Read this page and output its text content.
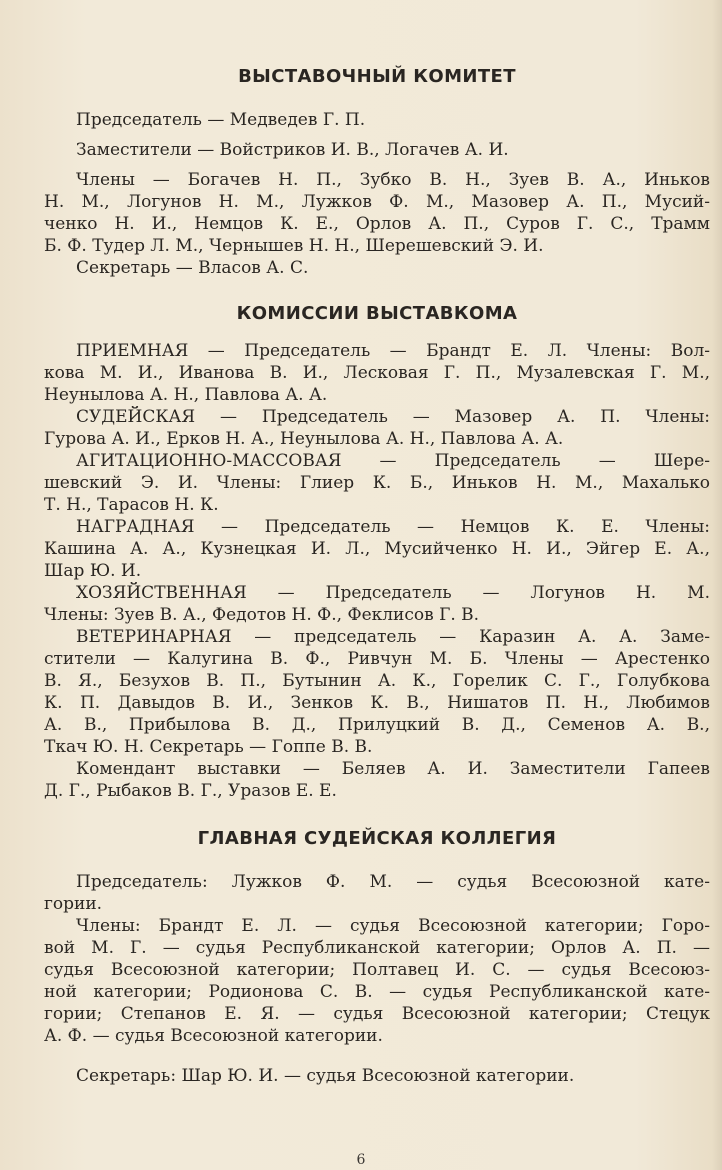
ВЫСТАВОЧНЫЙ КОМИТЕТ

Председатель — Медведев Г. П.

Заместители — Войстриков И. В., Логачев А. И.

Члены — Богачев Н. П., Зубко В. Н., Зуев В. А., Иньков

Н. М., Логунов Н. М., Лужков Ф. М., Мазовер А. П., Мусий-

ченко Н. И., Немцов К. Е., Орлов А. П., Суров Г. С., Трамм

Б. Ф. Тудер Л. М., Чернышев Н. Н., Шерешевский Э. И.

Секретарь — Власов А. С.

КОМИССИИ ВЫСТАВКОМА

ПРИЕМНАЯ — Председатель — Брандт Е. Л. Члены: Вол-

кова М. И., Иванова В. И., Лесковая Г. П., Музалевская Г. М.,

Неунылова А. Н., Павлова А. А.

СУДЕЙСКАЯ — Председатель — Мазовер А. П. Члены:

Гурова А. И., Ерков Н. А., Неунылова А. Н., Павлова А. А.

АГИТАЦИОННО-МАССОВАЯ — Председатель — Шере-

шевский Э. И. Члены: Глиер К. Б., Иньков Н. М., Махалько

Т. Н., Тарасов Н. К.

НАГРАДНАЯ — Председатель — Немцов К. Е. Члены:

Кашина А. А., Кузнецкая И. Л., Мусийченко Н. И., Эйгер Е. А.,

Шар Ю. И.

ХОЗЯЙСТВЕННАЯ — Председатель — Логунов Н. М.

Члены: Зуев В. А., Федотов Н. Ф., Феклисов Г. В.

ВЕТЕРИНАРНАЯ — председатель — Каразин А. А. Заме-

стители — Калугина В. Ф., Ривчун М. Б. Члены — Арестенко

В. Я., Безухов В. П., Бутынин А. К., Горелик С. Г., Голубкова

К. П. Давыдов В. И., Зенков К. В., Нишатов П. Н., Любимов

А. В., Прибылова В. Д., Прилуцкий В. Д., Семенов А. В.,

Ткач Ю. Н. Секретарь — Гоппе В. В.

Комендант выставки — Беляев А. И. Заместители Гапеев

Д. Г., Рыбаков В. Г., Уразов Е. Е.

ГЛАВНАЯ СУДЕЙСКАЯ КОЛЛЕГИЯ

Председатель: Лужков Ф. М. — судья Всесоюзной кате-

гории.

Члены: Брандт Е. Л. — судья Всесоюзной категории; Горо-

вой М. Г. — судья Республиканской категории; Орлов А. П. —

судья Всесоюзной категории; Полтавец И. С. — судья Всесоюз-

ной категории; Родионова С. В. — судья Республиканской кате-

гории; Степанов Е. Я. — судья Всесоюзной категории; Стецук

А. Ф. — судья Всесоюзной категории.

Секретарь: Шар Ю. И. — судья Всесоюзной категории.

6
